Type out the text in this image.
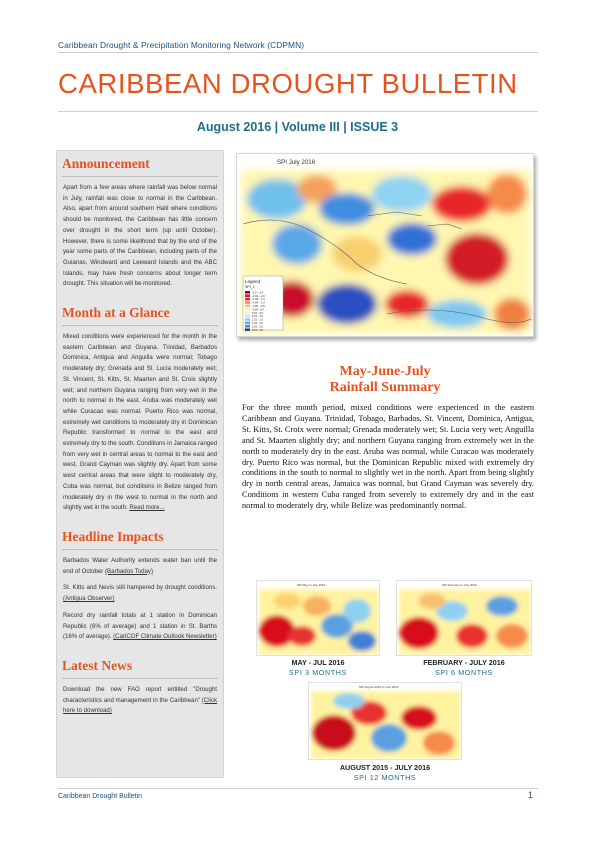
Caribbean Drought & Precipitation Monitoring Network (CDPMN)
CARIBBEAN DROUGHT BULLETIN
August 2016 | Volume III | ISSUE 3
Announcement

Apart from a few areas where rainfall was below normal in July, rainfall was close to normal in the Caribbean. Also, apart from around southern Haiti where conditions should be monitored, the Caribbean has little concern over drought in the short term (up until October). However, there is some likelihood that by the end of the year some parts of the Caribbean, including parts of the Guianas, Windward and Leeward Islands and the ABC Islands, may have fresh concerns about longer term drought. This situation will be monitored.

Month at a Glance

Mixed conditions were experienced for the month in the eastern Caribbean and Guyana. Trinidad, Barbados Dominica, Antigua and Anguilla were normal; Tobago moderately dry; Grenada and St. Lucia moderately wet; St. Vincent, St. Kitts, St. Maarten and St. Croix slightly wet; and northern Guyana ranging from very wet in the north to normal in the east. Aruba was moderately wet while Curacao was normal. Puerto Rico was normal, extremely wet conditions to moderately dry in Dominican Republic transformed to normal to the east and extremely dry to the south. Conditions in Jamaica ranged from very wet in central areas to normal to the east and west. Grand Cayman was slightly dry. Apart from some west central areas that were slight to moderately dry, Cuba was normal, but conditions in Belize ranged from moderately dry in the west to normal in the north and slightly wet in the south. Read more...

Headline Impacts

Barbados Water Authority extends water ban until the end of October (Barbados Today)

St. Kitts and Nevis still hampered by drought conditions. (Antigua Observer)

Record dry rainfall totals at 1 station in Dominican Republic (6% of average) and 1 station in St. Barths (16% of average). (CariCOF Climate Outlook Newsletter)

Latest News

Download the new FAO report entitled "Drought characteristics and management in the Caribbean" (Click here to download)

SPI July 2016
Legend
SPI_1
-3.0 - -2.5
-2.49 - -2.0
-1.99 - -1.5
-1.49 - -1.0
-0.99 - -0.5
-0.49 - 0.0
0.01 - 0.5
0.51 - 1.0
1.01 - 1.5
1.51 - 2.0
2.01 - 2.5
2.51 - 3.0
May-June-July
Rainfall Summary

For the three month period, mixed conditions were experienced in the eastern Caribbean and Guyana. Trinidad, Tobago, Barbados, St. Vincent, Dominica, Antigua, St. Kitts, St. Croix were normal; Grenada moderately wet; St. Lucia very wet; Anguilla and St. Maarten slightly dry; and northern Guyana ranging from extremely wet in the north to moderately dry in the east. Aruba was normal, while Curacao was moderately dry. Puerto Rico was normal, but the Dominican Republic mixed with extremely dry conditions in the south to normal to slightly wet in the north. Apart from being slightly dry in north central areas, Jamaica was normal, but Grand Cayman was severely dry. Conditions in western Cuba ranged from severely to extremely dry and in the east normal to moderately dry, while Belize was predominantly normal.

SPI May to July 2016
MAY - JUL 2016
SPI 3 MONTHS
SPI February to July 2016
FEBRUARY - JULY 2016
SPI 6 MONTHS
SPI August 2015 to July 2016
AUGUST 2015 - JULY 2016
SPI 12 MONTHS
Caribbean Drought Bulletin	1
